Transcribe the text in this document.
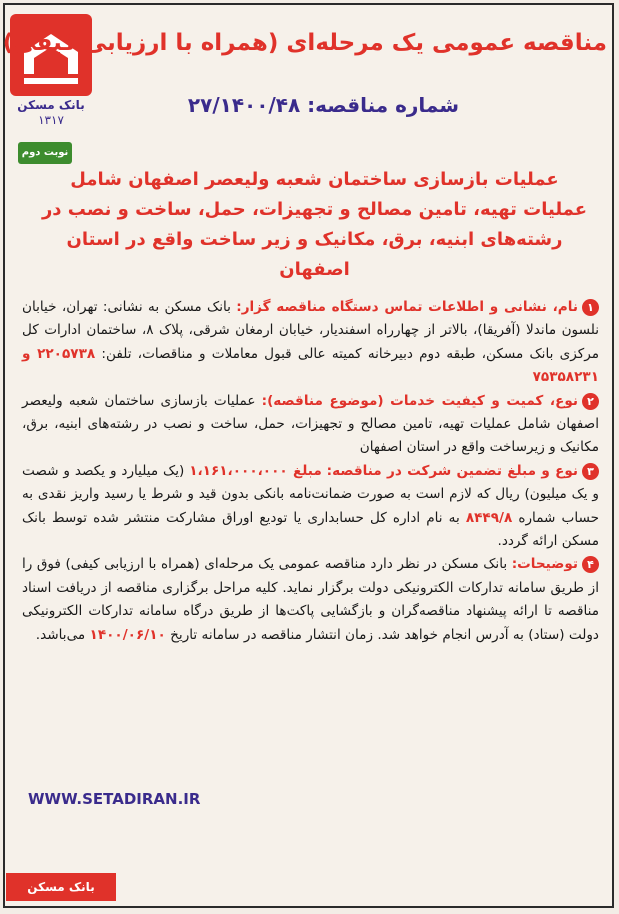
بانک مسکن
۱۳۱۷
نوبت دوم
مناقصه عمومی یک مرحله‌ای (همراه با ارزیابی کیفی)
شماره مناقصه: ۲۷/۱۴۰۰/۴۸
عملیات بازسازی ساختمان شعبه ولیعصر اصفهان شامل
عملیات تهیه، تامین مصالح و تجهیزات، حمل، ساخت و نصب در
رشته‌های ابنیه، برق، مکانیک و زیر ساخت واقع در استان اصفهان
۱نام، نشانی و اطلاعات تماس دستگاه مناقصه گزار: بانک مسکن به نشانی: تهران، خیابان نلسون ماندلا (آفریقا)، بالاتر از چهارراه اسفندیار، خیابان ارمغان شرقی، پلاک ۸، ساختمان ادارات کل مرکزی بانک مسکن، طبقه دوم دبیرخانه کمیته عالی قبول معاملات و مناقصات، تلفن: ۲۲۰۵۷۳۸ و ۷۵۳۵۸۲۳۱
۲نوع، کمیت و کیفیت خدمات (موضوع مناقصه): عملیات بازسازی ساختمان شعبه ولیعصر اصفهان شامل عملیات تهیه، تامین مصالح و تجهیزات، حمل، ساخت و نصب در رشته‌های ابنیه، برق، مکانیک و زیرساخت واقع در استان اصفهان
۳نوع و مبلغ تضمین شرکت در مناقصه: مبلغ ۱،۱۶۱،۰۰۰،۰۰۰ (یک میلیارد و یکصد و شصت و یک میلیون) ریال که لازم است به صورت ضمانت‌نامه بانکی بدون قید و شرط یا رسید واریز نقدی به حساب شماره ۸۴۴۹/۸ به نام اداره کل حسابداری یا تودیع اوراق مشارکت منتشر شده توسط بانک مسکن ارائه گردد.
۴توضیحات: بانک مسکن در نظر دارد مناقصه عمومی یک مرحله‌ای (همراه با ارزیابی کیفی) فوق را از طریق سامانه تدارکات الکترونیکی دولت برگزار نماید. کلیه مراحل برگزاری مناقصه از دریافت اسناد مناقصه تا ارائه پیشنهاد مناقصه‌گران و بازگشایی پاکت‌ها از طریق درگاه سامانه تدارکات الکترونیکی دولت (ستاد) به آدرس انجام خواهد شد. زمان انتشار مناقصه در سامانه تاریخ ۱۴۰۰/۰۶/۱۰ می‌باشد.
WWW.SETADIRAN.IR
بانک مسکن
